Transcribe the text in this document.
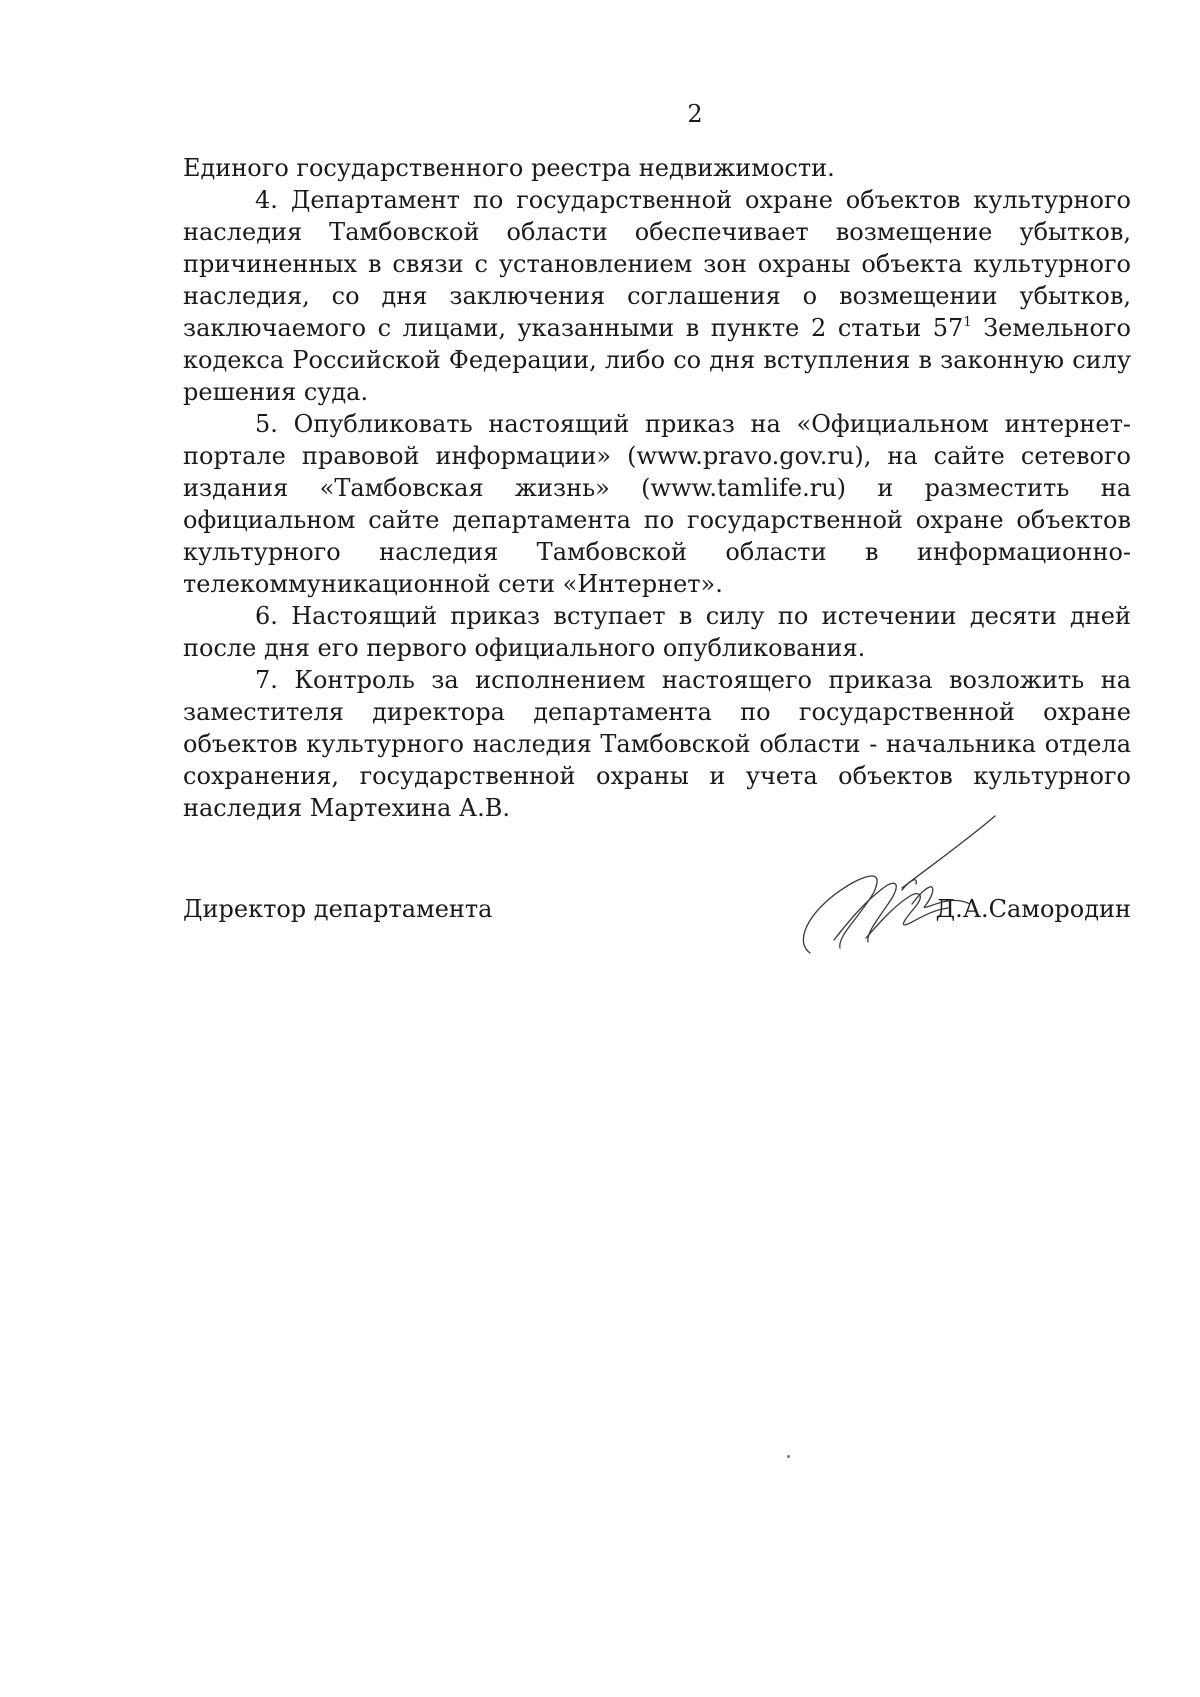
2

Единого государственного реестра недвижимости.

4. Департамент по государственной охране объектов культурного наследия Тамбовской области обеспечивает возмещение убытков, причиненных в связи с установлением зон охраны объекта культурного наследия, со дня заключения соглашения о возмещении убытков, заключаемого с лицами, указанными в пункте 2 статьи $57^1$ Земельного кодекса Российской Федерации, либо со дня вступления в законную силу решения суда.

5. Опубликовать настоящий приказ на «Официальном интернет-портале правовой информации» (www.pravo.gov.ru), на сайте сетевого издания «Тамбовская жизнь» (www.tamlife.ru) и разместить на официальном сайте департамента по государственной охране объектов культурного наследия Тамбовской области в информационно-телекоммуникационной сети «Интернет».

6. Настоящий приказ вступает в силу по истечении десяти дней после дня его первого официального опубликования.

7. Контроль за исполнением настоящего приказа возложить на заместителя директора департамента по государственной охране объектов культурного наследия Тамбовской области - начальника отдела сохранения, государственной охраны и учета объектов культурного наследия Мартехина А.В.

Директор департамента	Д.А.Самородин
